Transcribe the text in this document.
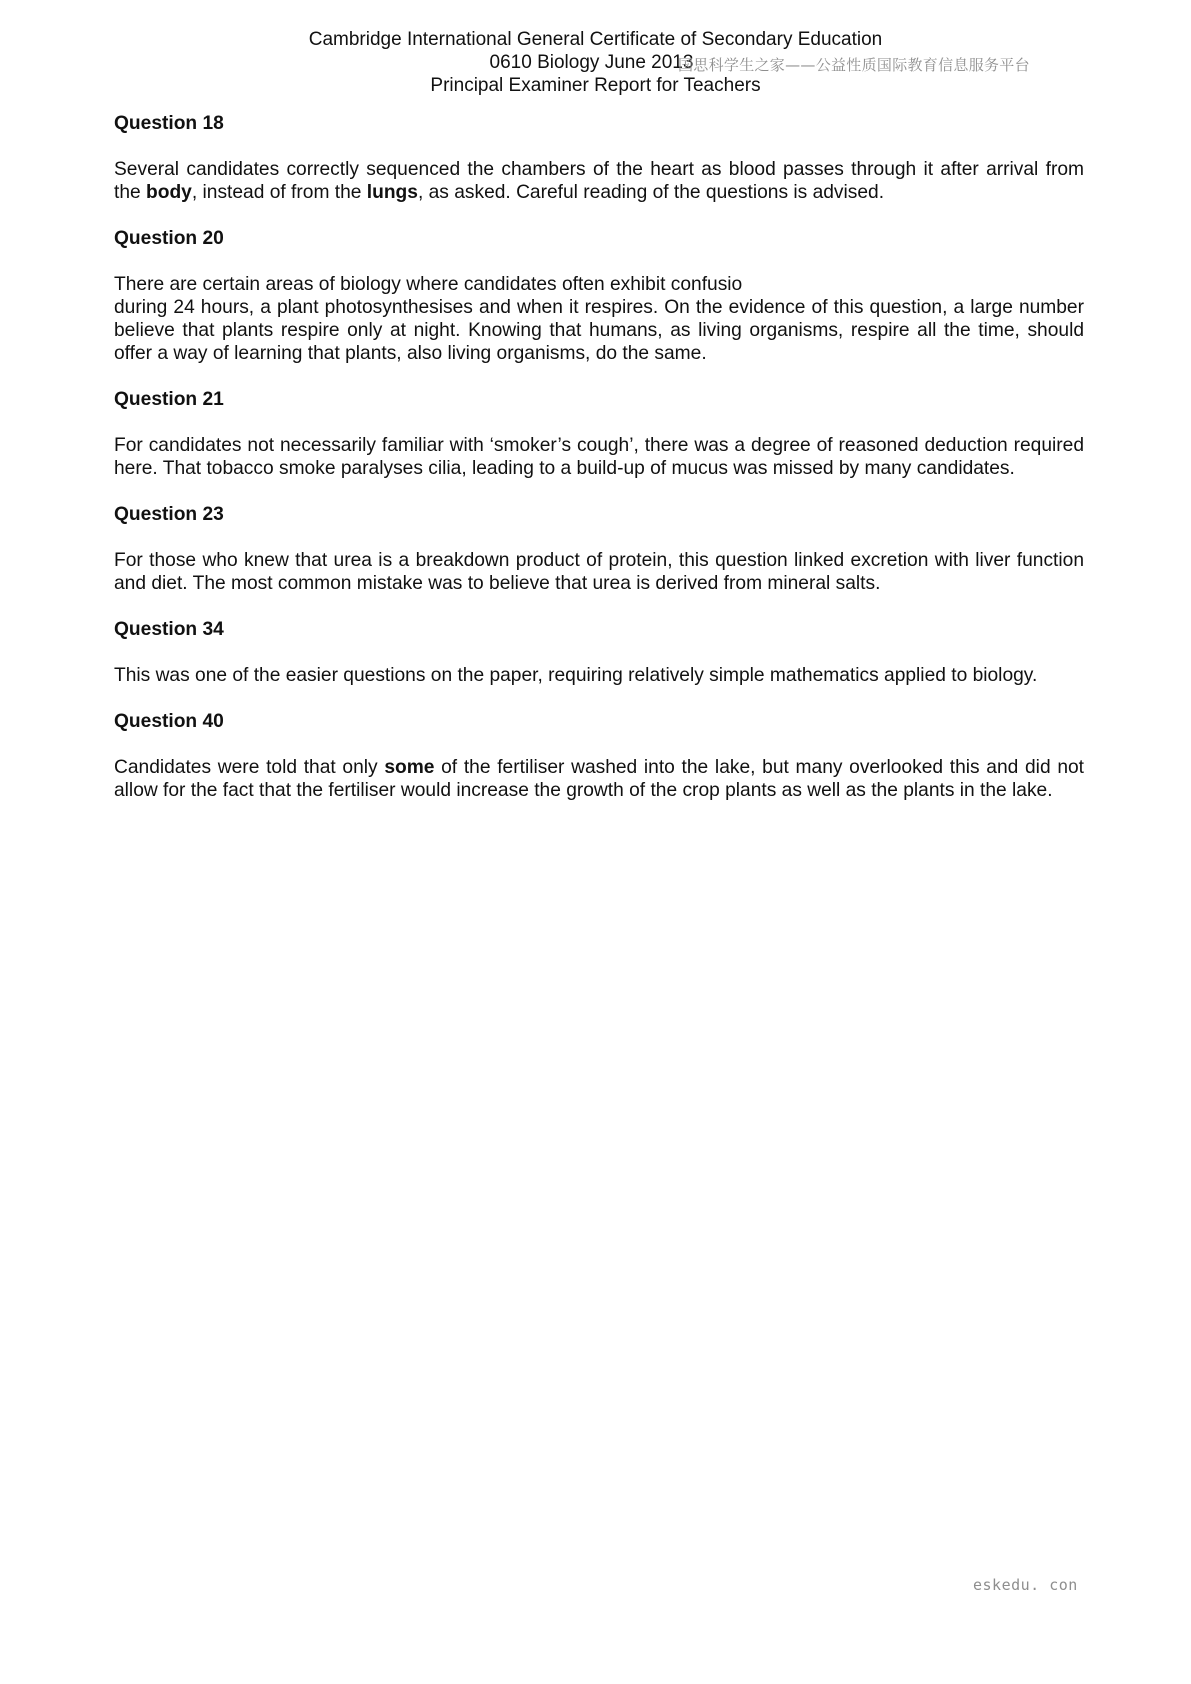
Cambridge International General Certificate of Secondary Education
0610 Biology June 2013
Principal Examiner Report for Teachers
国思科学生之家——公益性质国际教育信息服务平台

Question 18

Several candidates correctly sequenced the chambers of the heart as blood passes through it after arrival from the body, instead of from the lungs, as asked. Careful reading of the questions is advised.

Question 20

There are certain areas of biology where candidates often exhibit confusio
during 24 hours, a plant photosynthesises and when it respires. On the evidence of this question, a large number believe that plants respire only at night. Knowing that humans, as living organisms, respire all the time, should offer a way of learning that plants, also living organisms, do the same.

Question 21

For candidates not necessarily familiar with ‘smoker’s cough’, there was a degree of reasoned deduction required here. That tobacco smoke paralyses cilia, leading to a build-up of mucus was missed by many candidates.

Question 23

For those who knew that urea is a breakdown product of protein, this question linked excretion with liver function and diet. The most common mistake was to believe that urea is derived from mineral salts.

Question 34

This was one of the easier questions on the paper, requiring relatively simple mathematics applied to biology.

Question 40

Candidates were told that only some of the fertiliser washed into the lake, but many overlooked this and did not allow for the fact that the fertiliser would increase the growth of the crop plants as well as the plants in the lake.

eskedu. con
